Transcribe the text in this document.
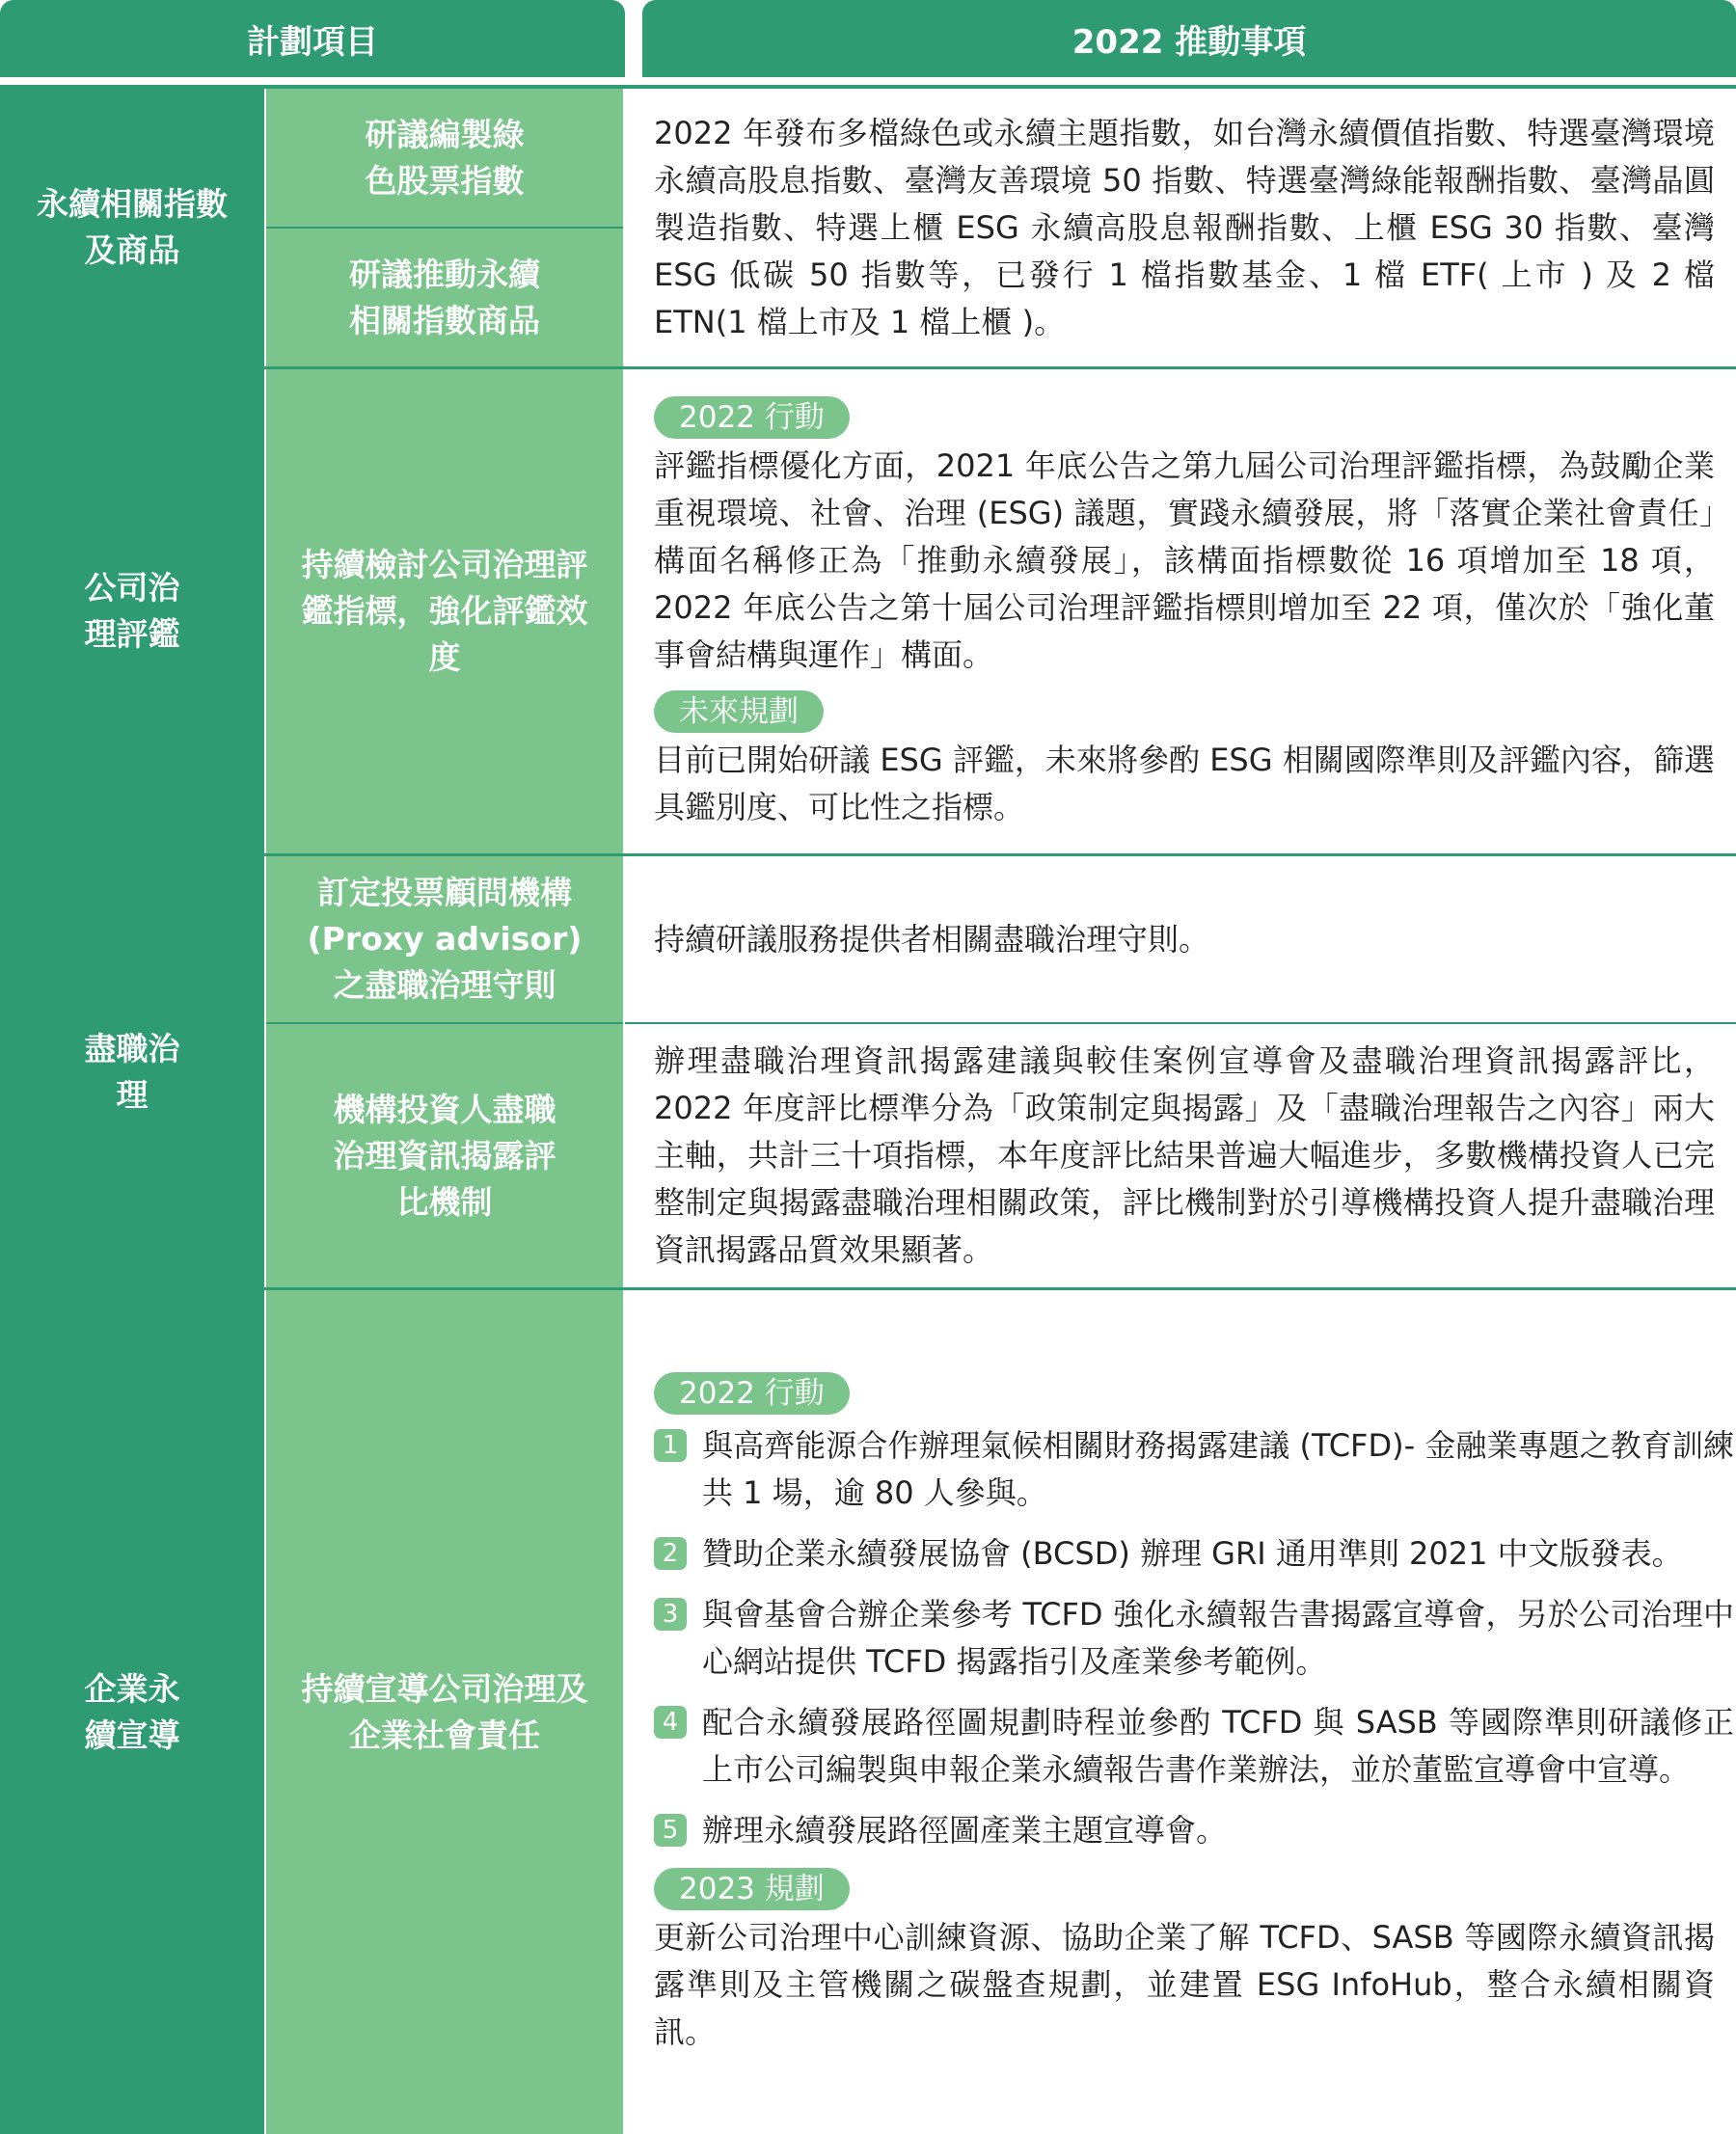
計劃項目	2022 推動事項
永續相關指數及商品
研議編製綠色股票指數
研議推動永續相關指數商品
2022 年發布多檔綠色或永續主題指數，如台灣永續價值指數、特選臺灣環境永續高股息指數、臺灣友善環境 50 指數、特選臺灣綠能報酬指數、臺灣晶圓製造指數、特選上櫃 ESG 永續高股息報酬指數、上櫃 ESG 30 指數、臺灣 ESG 低碳 50 指數等，已發行 1 檔指數基金、1 檔 ETF( 上市 ) 及 2 檔 ETN(1 檔上市及 1 檔上櫃 )。
公司治理評鑑
持續檢討公司治理評鑑指標，強化評鑑效度
2022 行動
評鑑指標優化方面，2021 年底公告之第九屆公司治理評鑑指標，為鼓勵企業重視環境、社會、治理 (ESG) 議題，實踐永續發展，將「落實企業社會責任」構面名稱修正為「推動永續發展」，該構面指標數從 16 項增加至 18 項，2022 年底公告之第十屆公司治理評鑑指標則增加至 22 項，僅次於「強化董事會結構與運作」構面。
未來規劃
目前已開始研議 ESG 評鑑，未來將參酌 ESG 相關國際準則及評鑑內容，篩選具鑑別度、可比性之指標。
盡職治理
訂定投票顧問機構 (Proxy advisor) 之盡職治理守則
持續研議服務提供者相關盡職治理守則。
機構投資人盡職治理資訊揭露評比機制
辦理盡職治理資訊揭露建議與較佳案例宣導會及盡職治理資訊揭露評比，2022 年度評比標準分為「政策制定與揭露」及「盡職治理報告之內容」兩大主軸，共計三十項指標，本年度評比結果普遍大幅進步，多數機構投資人已完整制定與揭露盡職治理相關政策，評比機制對於引導機構投資人提升盡職治理資訊揭露品質效果顯著。
企業永續宣導
持續宣導公司治理及企業社會責任
2022 行動
1 與高齊能源合作辦理氣候相關財務揭露建議 (TCFD)- 金融業專題之教育訓練共 1 場，逾 80 人參與。
2 贊助企業永續發展協會 (BCSD) 辦理 GRI 通用準則 2021 中文版發表。
3 與會基會合辦企業參考 TCFD 強化永續報告書揭露宣導會，另於公司治理中心網站提供 TCFD 揭露指引及產業參考範例。
4 配合永續發展路徑圖規劃時程並參酌 TCFD 與 SASB 等國際準則研議修正上市公司編製與申報企業永續報告書作業辦法，並於董監宣導會中宣導。
5 辦理永續發展路徑圖產業主題宣導會。
2023 規劃
更新公司治理中心訓練資源、協助企業了解 TCFD、SASB 等國際永續資訊揭露準則及主管機關之碳盤查規劃，並建置 ESG InfoHub，整合永續相關資訊。
